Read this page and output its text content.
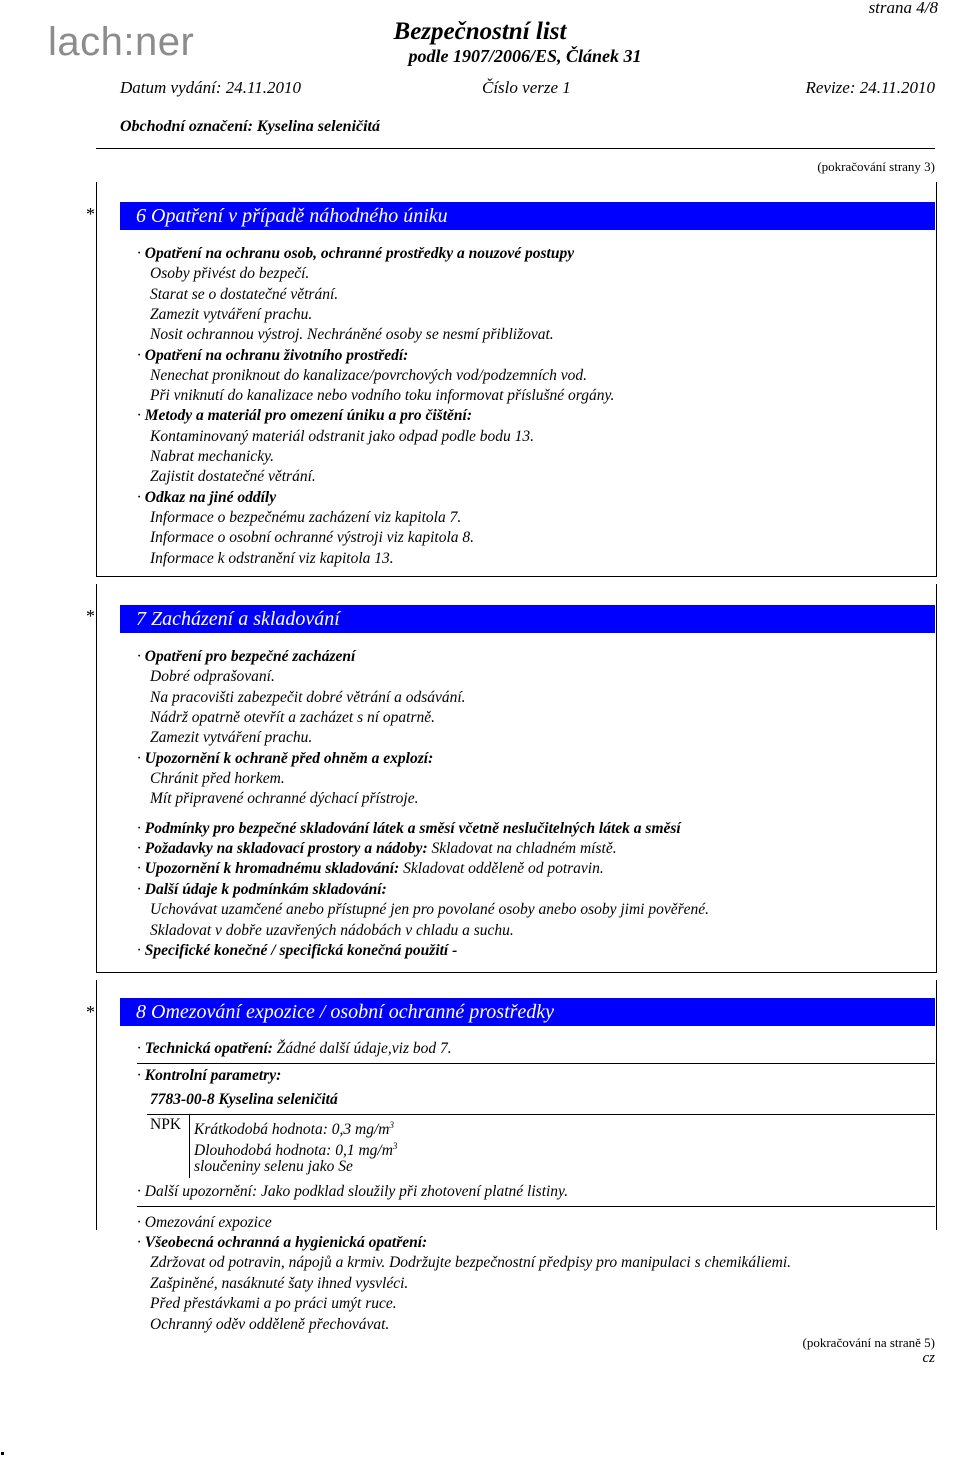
lach:ner
strana 4/8
Bezpečnostní list
podle 1907/2006/ES, Článek 31
Datum vydání: 24.11.2010	Číslo verze 1	Revize: 24.11.2010
Obchodní označení: Kyselina seleničitá
(pokračování strany 3)
*	6 Opatření v případě náhodného úniku
· Opatření na ochranu osob, ochranné prostředky a nouzové postupy
Osoby přivést do bezpečí.
Starat se o dostatečné větrání.
Zamezit vytváření prachu.
Nosit ochrannou výstroj. Nechráněné osoby se nesmí přibližovat.
· Opatření na ochranu životního prostředí:
Nenechat proniknout do kanalizace/povrchových vod/podzemních vod.
Při vniknutí do kanalizace nebo vodního toku informovat příslušné orgány.
· Metody a materiál pro omezení úniku a pro čištění:
Kontaminovaný materiál odstranit jako odpad podle bodu 13.
Nabrat mechanicky.
Zajistit dostatečné větrání.
· Odkaz na jiné oddíly
Informace o bezpečnému zacházení viz kapitola 7.
Informace o osobní ochranné výstroji viz kapitola 8.
Informace k odstranění viz kapitola 13.
*	7 Zacházení a skladování
· Opatření pro bezpečné zacházení
Dobré odprašovaní.
Na pracovišti zabezpečit dobré větrání a odsávání.
Nádrž opatrně otevřít a zacházet s ní opatrně.
Zamezit vytváření prachu.
· Upozornění k ochraně před ohněm a explozí:
Chránit před horkem.
Mít připravené ochranné dýchací přístroje.
· Podmínky pro bezpečné skladování látek a směsí včetně neslučitelných látek a směsí
· Požadavky na skladovací prostory a nádoby: Skladovat na chladném místě.
· Upozornění k hromadnému skladování: Skladovat odděleně od potravin.
· Další údaje k podmínkám skladování:
Uchovávat uzamčené anebo přístupné jen pro povolané osoby anebo osoby jimi pověřené.
Skladovat v dobře uzavřených nádobách v chladu a suchu.
· Specifické konečné / specifická konečná použití -
*	8 Omezování expozice / osobní ochranné prostředky
· Technická opatření: Žádné další údaje,viz bod 7.
· Kontrolní parametry:
7783-00-8 Kyselina seleničitá
NPK Krátkodobá hodnota: 0,3 $mg/m^3$
Dlouhodobá hodnota: 0,1 $mg/m^3$
sloučeniny selenu jako Se
· Další upozornění: Jako podklad sloužily při zhotovení platné listiny.
· Omezování expozice
· Všeobecná ochranná a hygienická opatření:
Zdržovat od potravin, nápojů a krmiv. Dodržujte bezpečnostní předpisy pro manipulaci s chemikáliemi.
Zašpiněné, nasáknuté šaty ihned vysvléci.
Před přestávkami a po práci umýt ruce.
Ochranný oděv odděleně přechovávat.
(pokračování na straně 5)
cz
